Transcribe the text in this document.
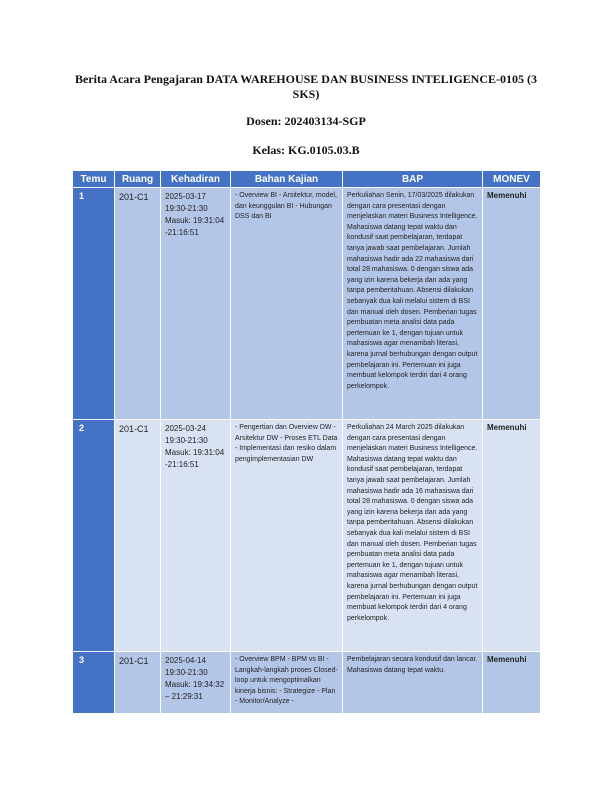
Berita Acara Pengajaran DATA WAREHOUSE DAN BUSINESS INTELIGENCE-0105 (3 SKS)
Dosen: 202403134-SGP
Kelas: KG.0105.03.B
Temu	Ruang	Kehadiran	Bahan Kajian	BAP	MONEV
1	201-C1	2025-03-17 19:30-21:30 Masuk: 19:31:04 -21:16:51	- Overview BI - Arsitektur, model, dan keunggulan BI - Hubungan DSS dan BI	Perkuliahan Senin, 17/03/2025 dilakukan dengan cara presentasi dengan menjelaskan materi Business Intelligence. Mahasiswa datang tepat waktu dan kondusif saat pembelajaran, terdapat tanya jawab saat pembelajaran. Jumlah mahasiswa hadir ada 22 mahasiswa dari total 28 mahasiswa. 0 dengan siswa ada yang izin karena bekerja dan ada yang tanpa pemberitahuan. Absensi dilakukan sebanyak dua kali melalui sistem di BSI dan manual oleh dosen. Pemberian tugas pembuatan meta analisi data pada pertemuan ke 1, dengan tujuan untuk mahasiswa agar menambah literasi, karena jurnal berhubungan dengan output pembelajaran ini. Pertemuan ini juga membuat kelompok terdiri dari 4 orang perkelompok.	Memenuhi
2	201-C1	2025-03-24 19:30-21:30 Masuk: 19:31:04 -21:16:51	- Pengertian dan Overview DW - Arsitektur DW - Proses ETL Data - Implementasi dan resiko dalam pengimplementasian DW	Perkuliahan 24 March 2025 dilakukan dengan cara presentasi dengan menjelaskan materi Business Intelligence. Mahasiswa datang tepat waktu dan kondusif saat pembelajaran, terdapat tanya jawab saat pembelajaran. Jumlah mahasiswa hadir ada 16 mahasiswa dari total 28 mahasiswa. 0 dengan siswa ada yang izin karena bekerja dan ada yang tanpa pemberitahuan. Absensi dilakukan sebanyak dua kali melalui sistem di BSI dan manual oleh dosen. Pemberian tugas pembuatan meta analisi data pada pertemuan ke 1, dengan tujuan untuk mahasiswa agar menambah literasi, karena jurnal berhubungan dengan output pembelajaran ini. Pertemuan ini juga membuat kelompok terdiri dari 4 orang perkelompok.	Memenuhi
3	201-C1	2025-04-14 19:30-21:30 Masuk: 19:34:32 – 21:29:31	- Overview BPM - BPM vs BI - Langkah-langkah proses Closed-loop untuk mengoptimalkan kinerja bisnis: - Strategize - Plan - Monitor/Analyze -	Pembelajaran secara kondusif dan lancar. Mahasiswa datang tepat waktu.	Memenuhi
